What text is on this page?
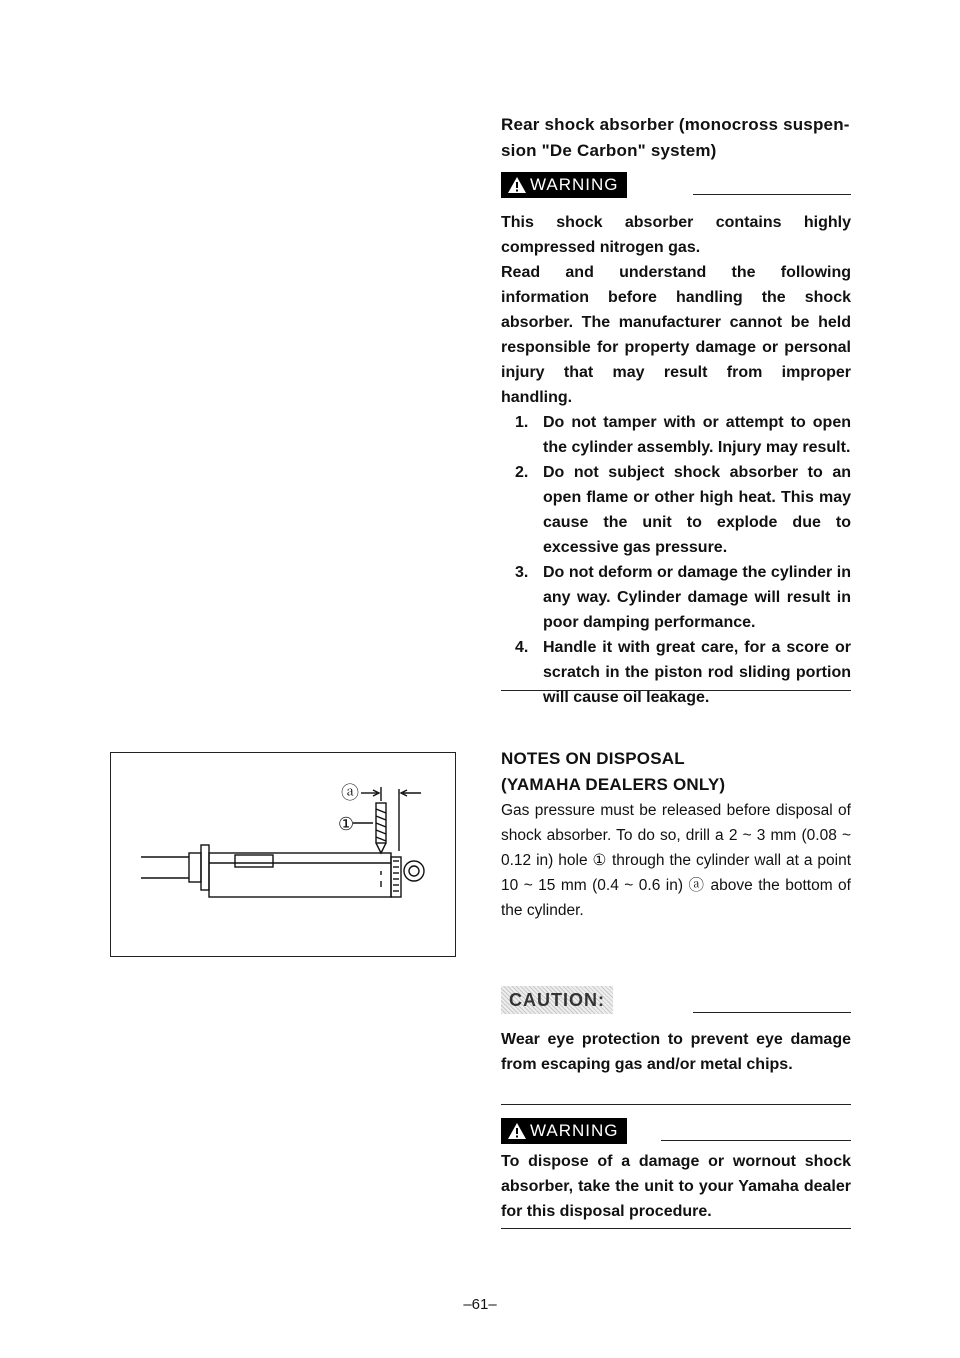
Rear shock absorber (monocross suspen-
sion "De Carbon" system)
WARNING
This shock absorber contains highly compressed nitrogen gas.
Read and understand the following information before handling the shock absorber. The manufacturer cannot be held responsible for property damage or personal injury that may result from improper handling.
1. Do not tamper with or attempt to open the cylinder assembly. Injury may result.
2. Do not subject shock absorber to an open flame or other high heat. This may cause the unit to explode due to excessive gas pressure.
3. Do not deform or damage the cylinder in any way. Cylinder damage will result in poor damping performance.
4. Handle it with great care, for a score or scratch in the piston rod sliding portion will cause oil leakage.
NOTES ON DISPOSAL
(YAMAHA DEALERS ONLY)
Gas pressure must be released before disposal of shock absorber. To do so, drill a 2 ~ 3 mm (0.08 ~ 0.12 in) hole ① through the cylinder wall at a point 10 ~ 15 mm (0.4 ~ 0.6 in) ⓐ above the bottom of the cylinder.
ⓐ
①
CAUTION:
Wear eye protection to prevent eye damage from escaping gas and/or metal chips.
WARNING
To dispose of a damage or wornout shock absorber, take the unit to your Yamaha dealer for this disposal procedure.
–61–
